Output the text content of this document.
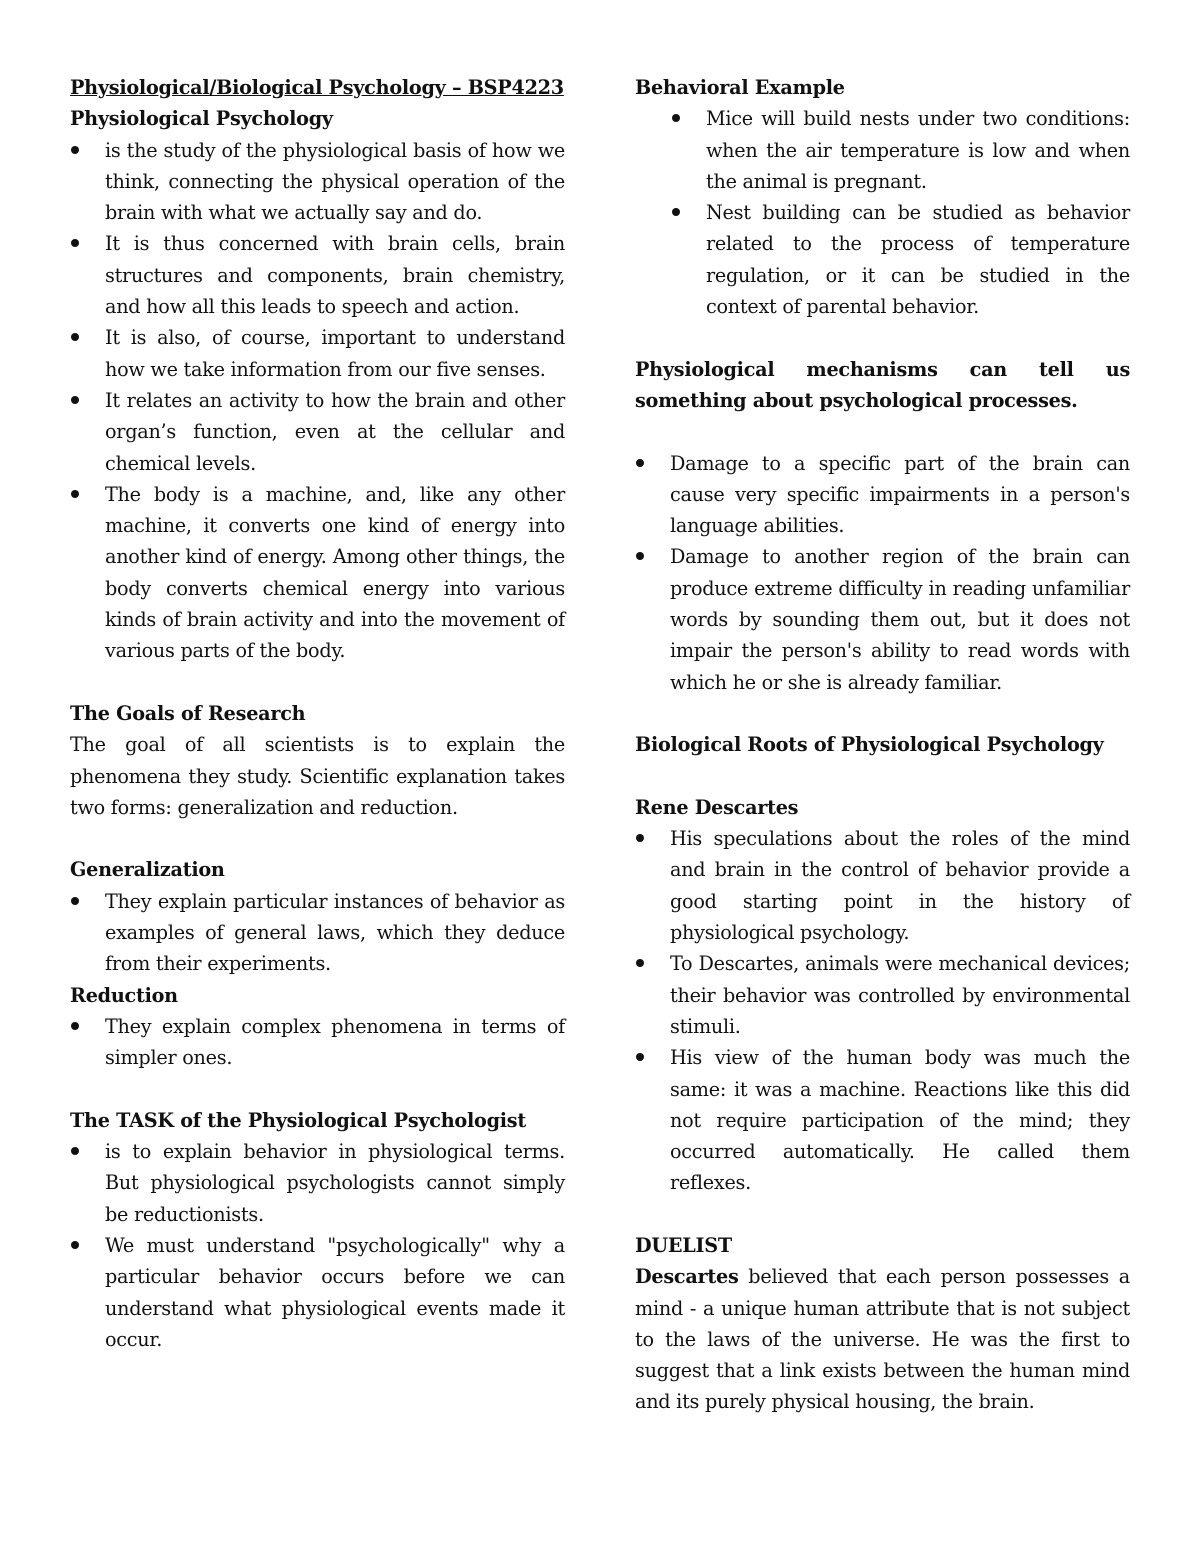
Physiological/Biological Psychology – BSP4223

Physiological Psychology

is the study of the physiological basis of how we think, connecting the physical operation of the brain with what we actually say and do.
It is thus concerned with brain cells, brain structures and components, brain chemistry, and how all this leads to speech and action.
It is also, of course, important to understand how we take information from our five senses.
It relates an activity to how the brain and other organ’s function, even at the cellular and chemical levels.
The body is a machine, and, like any other machine, it converts one kind of energy into another kind of energy. Among other things, the body converts chemical energy into various kinds of brain activity and into the movement of various parts of the body.

The Goals of Research

The goal of all scientists is to explain the phenomena they study. Scientific explanation takes two forms: generalization and reduction.

Generalization

They explain particular instances of behavior as examples of general laws, which they deduce from their experiments.

Reduction

They explain complex phenomena in terms of simpler ones.

The TASK of the Physiological Psychologist

is to explain behavior in physiological terms. But physiological psychologists cannot simply be reductionists.
We must understand "psychologically" why a particular behavior occurs before we can understand what physiological events made it occur.

Behavioral Example

Mice will build nests under two conditions: when the air temperature is low and when the animal is pregnant.
Nest building can be studied as behavior related to the process of temperature regulation, or it can be studied in the context of parental behavior.

Physiological mechanisms can tell us something about psychological processes.

Damage to a specific part of the brain can cause very specific impairments in a person's language abilities.
Damage to another region of the brain can produce extreme difficulty in reading unfamiliar words by sounding them out, but it does not impair the person's ability to read words with which he or she is already familiar.

Biological Roots of Physiological Psychology

Rene Descartes

His speculations about the roles of the mind and brain in the control of behavior provide a good starting point in the history of physiological psychology.
To Descartes, animals were mechanical devices; their behavior was controlled by environmental stimuli.
His view of the human body was much the same: it was a machine. Reactions like this did not require participation of the mind; they occurred automatically. He called them reflexes.

DUELIST

Descartes believed that each person possesses a mind - a unique human attribute that is not subject to the laws of the universe. He was the first to suggest that a link exists between the human mind and its purely physical housing, the brain.
